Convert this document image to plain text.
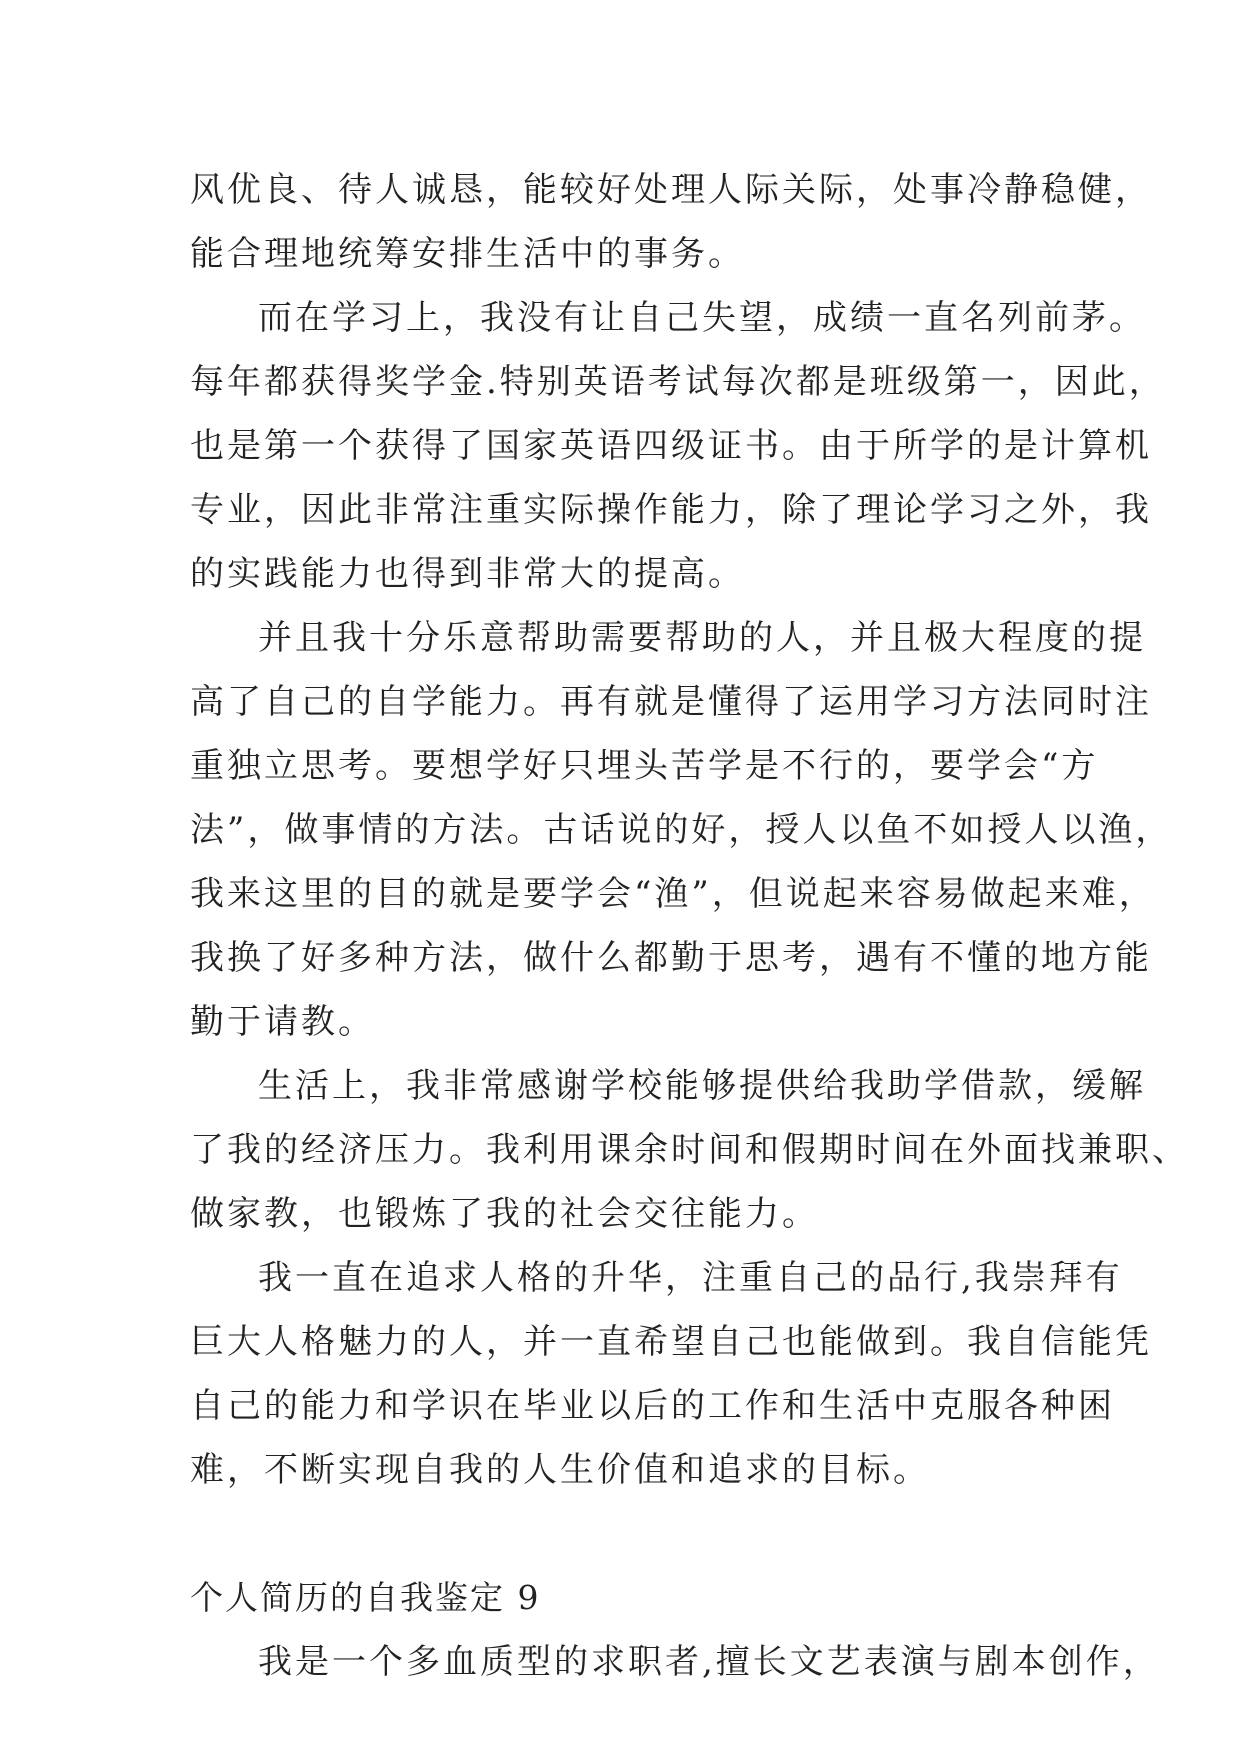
风优良、待人诚恳，能较好处理人际关际，处事冷静稳健，
能合理地统筹安排生活中的事务。
而在学习上，我没有让自己失望，成绩一直名列前茅。
每年都获得奖学金.特别英语考试每次都是班级第一，因此，
也是第一个获得了国家英语四级证书。由于所学的是计算机
专业，因此非常注重实际操作能力，除了理论学习之外，我
的实践能力也得到非常大的提高。
并且我十分乐意帮助需要帮助的人，并且极大程度的提
高了自己的自学能力。再有就是懂得了运用学习方法同时注
重独立思考。要想学好只埋头苦学是不行的，要学会“方
法”，做事情的方法。古话说的好，授人以鱼不如授人以渔，
我来这里的目的就是要学会“渔”，但说起来容易做起来难，
我换了好多种方法，做什么都勤于思考，遇有不懂的地方能
勤于请教。
生活上，我非常感谢学校能够提供给我助学借款，缓解
了我的经济压力。我利用课余时间和假期时间在外面找兼职、
做家教，也锻炼了我的社会交往能力。
我一直在追求人格的升华，注重自己的品行,我崇拜有
巨大人格魅力的人，并一直希望自己也能做到。我自信能凭
自己的能力和学识在毕业以后的工作和生活中克服各种困
难，不断实现自我的人生价值和追求的目标。
个人简历的自我鉴定 9
我是一个多血质型的求职者,擅长文艺表演与剧本创作，
